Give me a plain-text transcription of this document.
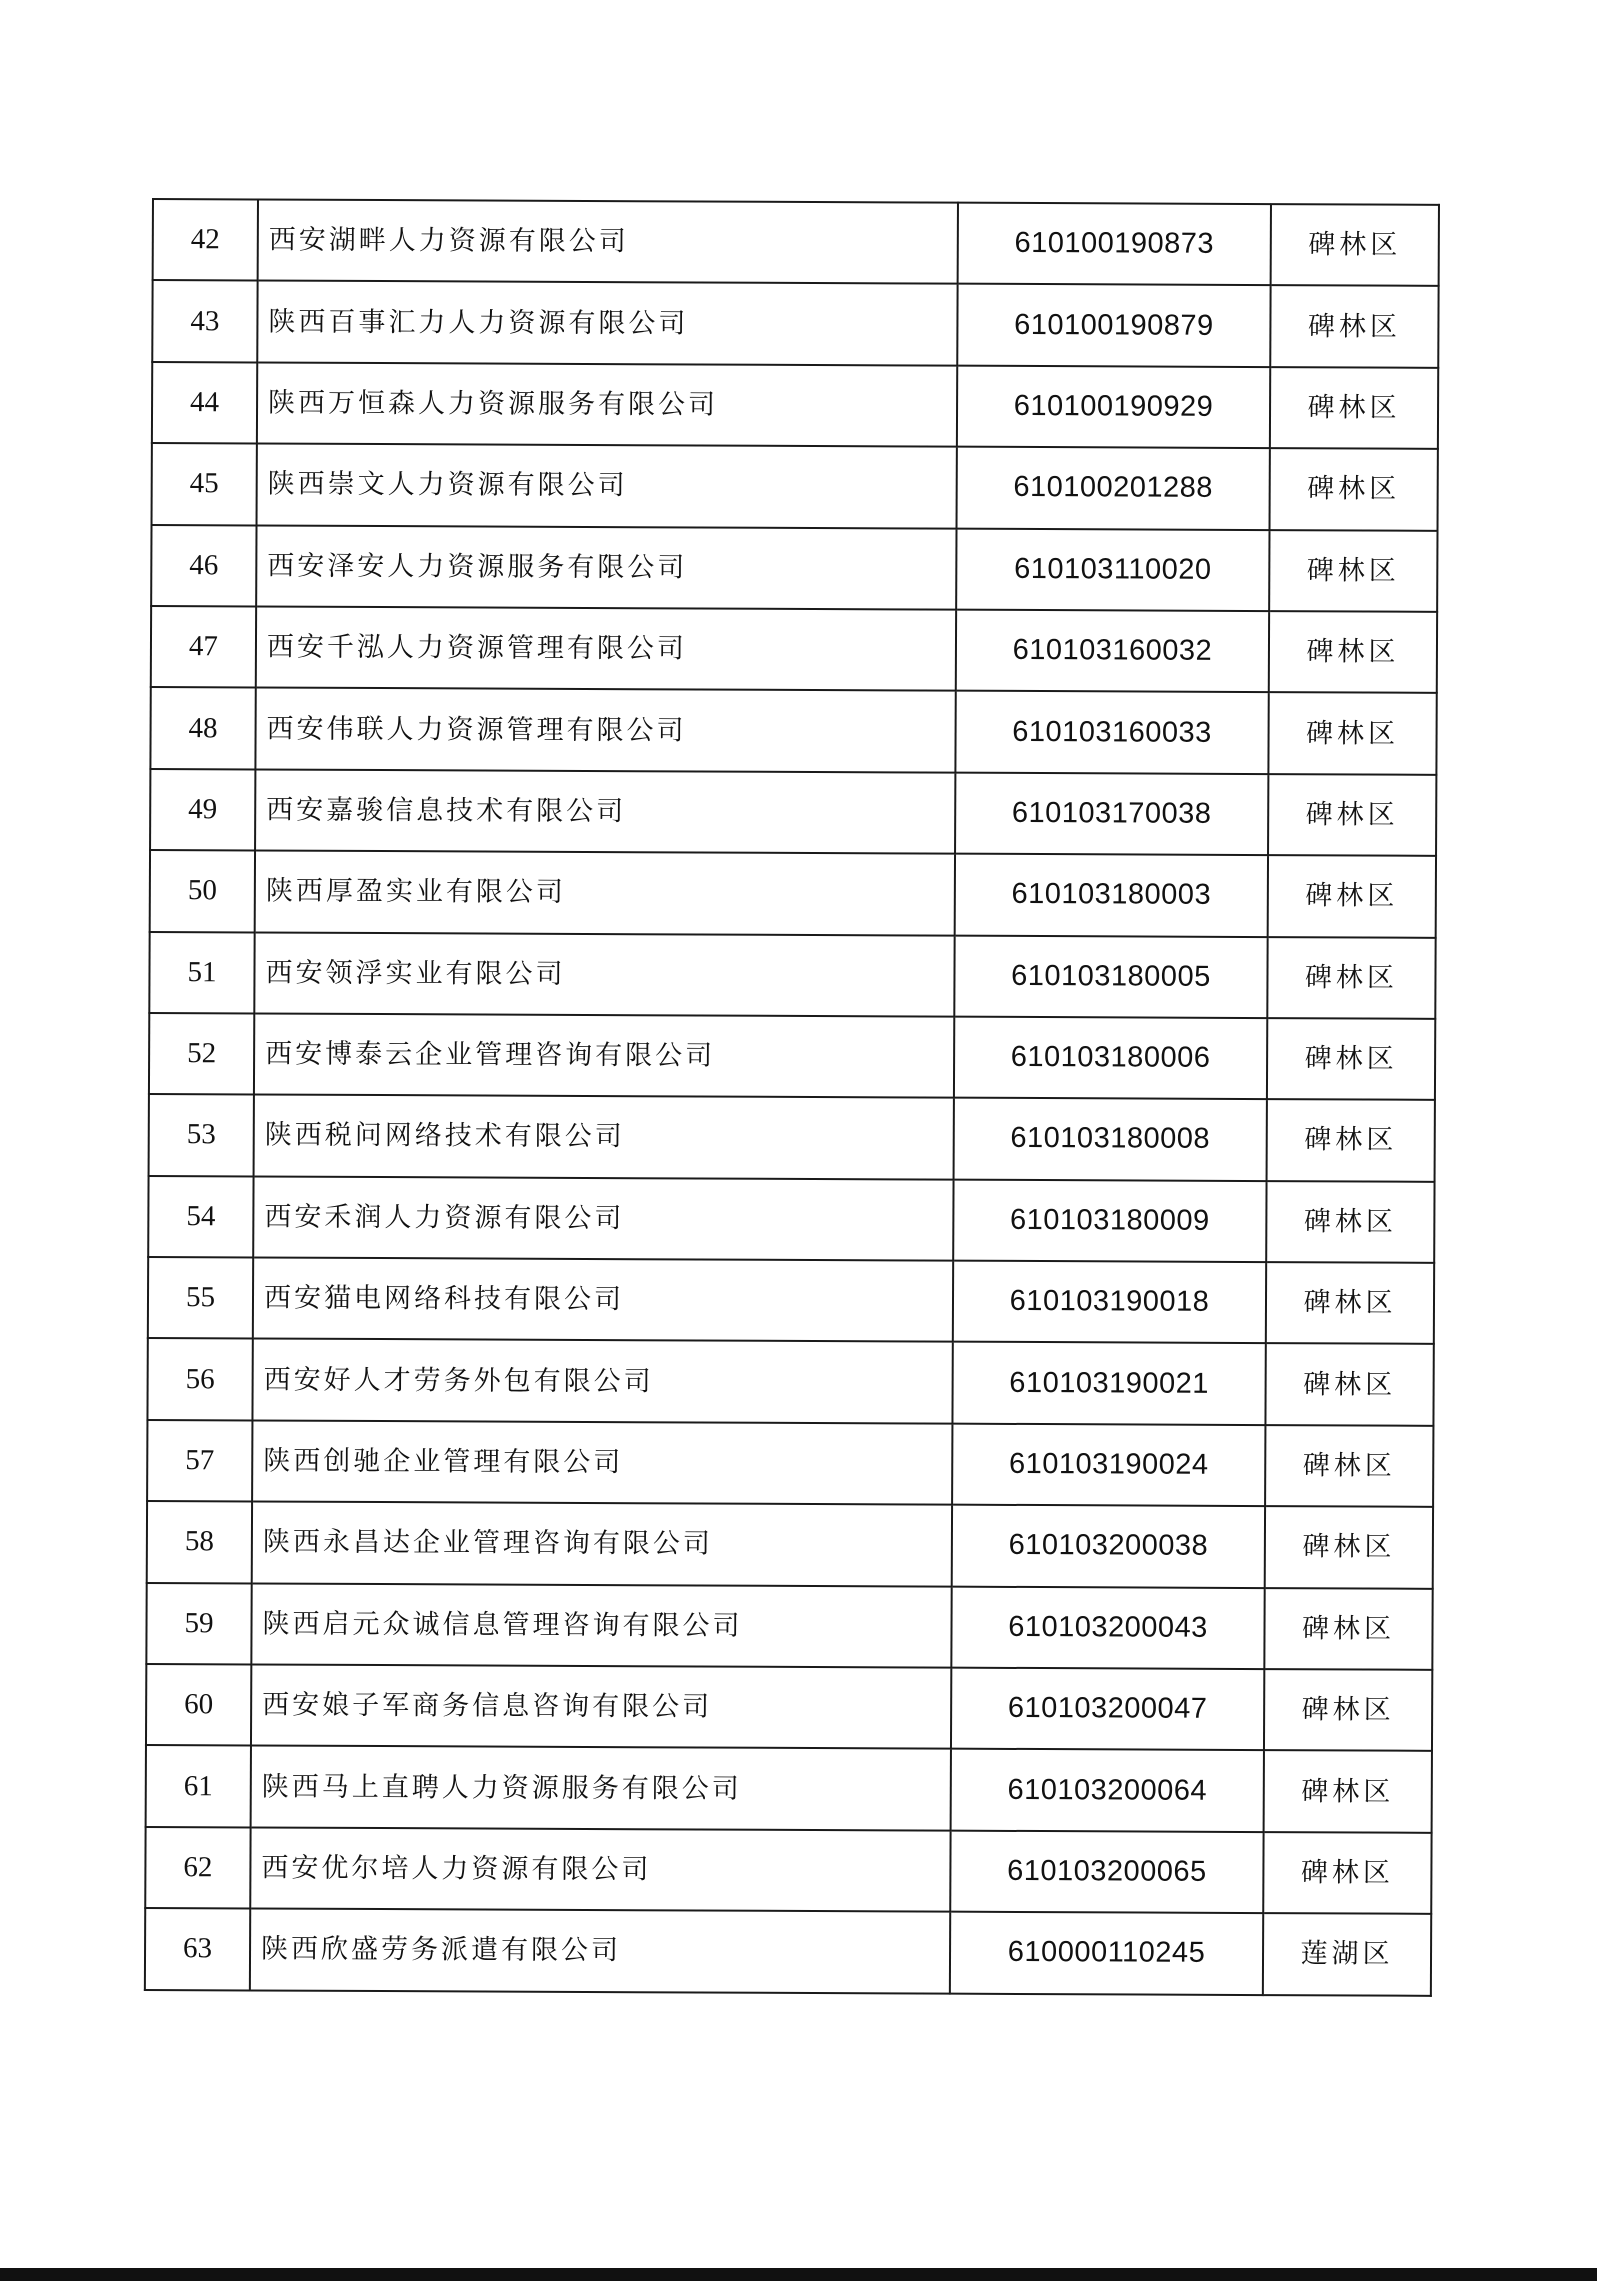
42	西安湖畔人力资源有限公司	610100190873	碑林区
43	陕西百事汇力人力资源有限公司	610100190879	碑林区
44	陕西万恒森人力资源服务有限公司	610100190929	碑林区
45	陕西崇文人力资源有限公司	610100201288	碑林区
46	西安泽安人力资源服务有限公司	610103110020	碑林区
47	西安千泓人力资源管理有限公司	610103160032	碑林区
48	西安伟联人力资源管理有限公司	610103160033	碑林区
49	西安嘉骏信息技术有限公司	610103170038	碑林区
50	陕西厚盈实业有限公司	610103180003	碑林区
51	西安领浮实业有限公司	610103180005	碑林区
52	西安博泰云企业管理咨询有限公司	610103180006	碑林区
53	陕西税问网络技术有限公司	610103180008	碑林区
54	西安禾润人力资源有限公司	610103180009	碑林区
55	西安猫电网络科技有限公司	610103190018	碑林区
56	西安好人才劳务外包有限公司	610103190021	碑林区
57	陕西创驰企业管理有限公司	610103190024	碑林区
58	陕西永昌达企业管理咨询有限公司	610103200038	碑林区
59	陕西启元众诚信息管理咨询有限公司	610103200043	碑林区
60	西安娘子军商务信息咨询有限公司	610103200047	碑林区
61	陕西马上直聘人力资源服务有限公司	610103200064	碑林区
62	西安优尔培人力资源有限公司	610103200065	碑林区
63	陕西欣盛劳务派遣有限公司	610000110245	莲湖区
